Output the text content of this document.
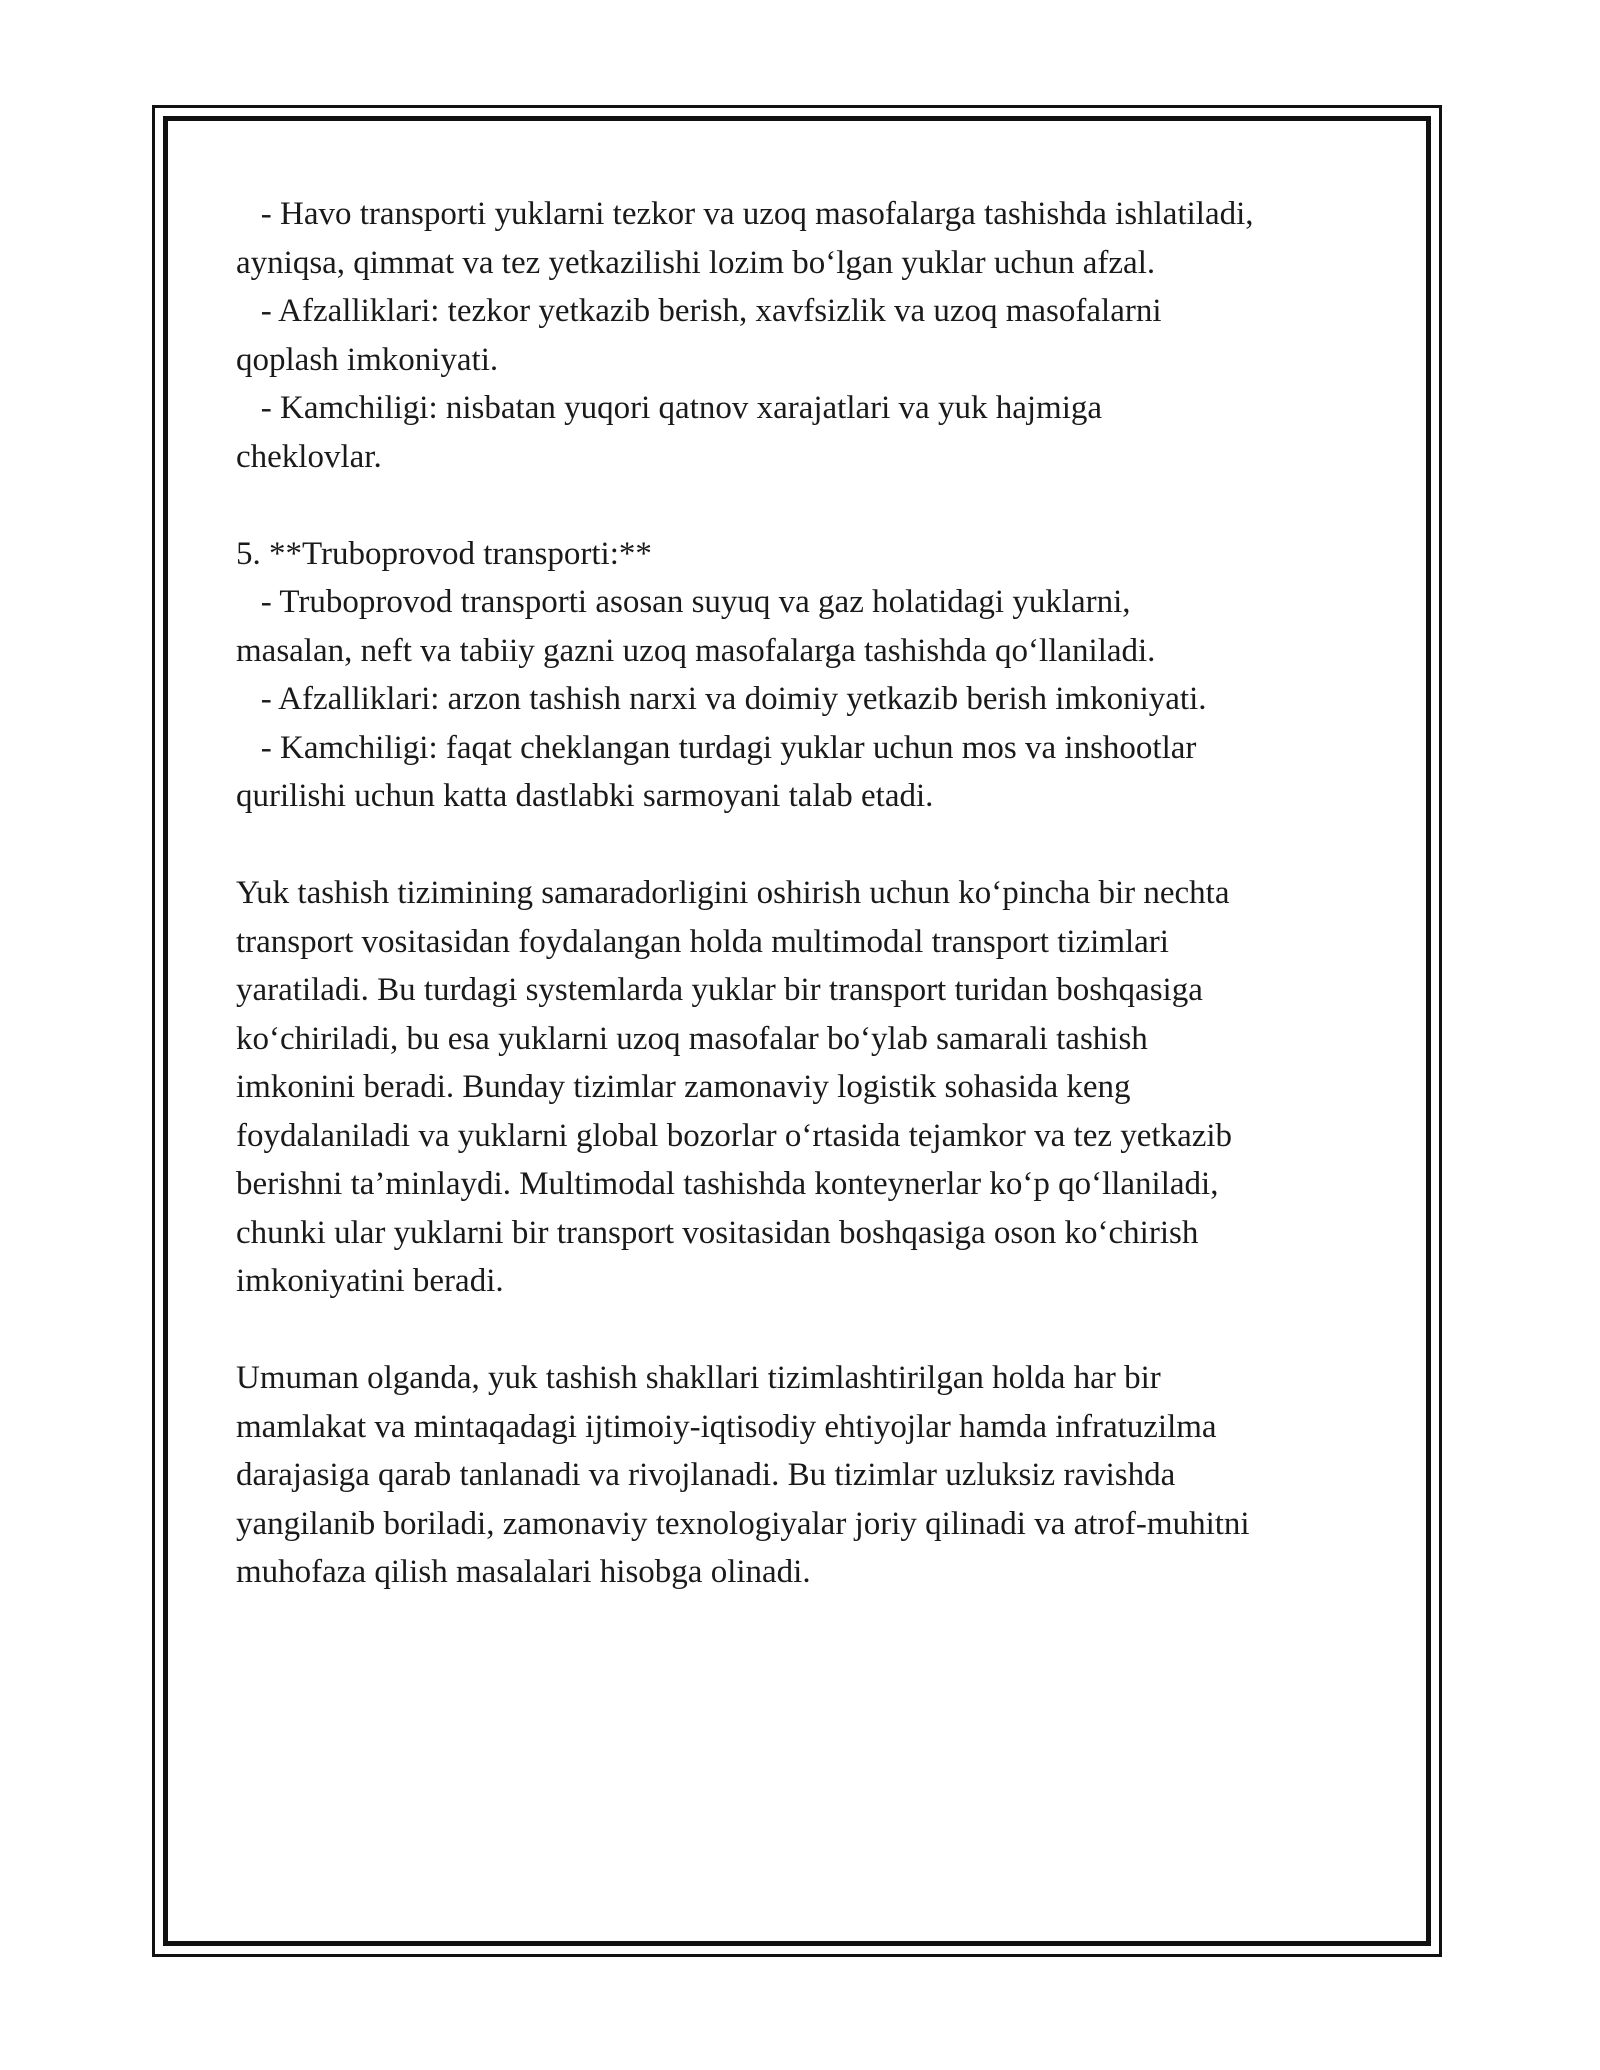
- Havo transporti yuklarni tezkor va uzoq masofalarga tashishda ishlatiladi,
ayniqsa, qimmat va tez yetkazilishi lozim bo‘lgan yuklar uchun afzal.
- Afzalliklari: tezkor yetkazib berish, xavfsizlik va uzoq masofalarni
qoplash imkoniyati.
- Kamchiligi: nisbatan yuqori qatnov xarajatlari va yuk hajmiga
cheklovlar.
5. **Truboprovod transporti:**
- Truboprovod transporti asosan suyuq va gaz holatidagi yuklarni,
masalan, neft va tabiiy gazni uzoq masofalarga tashishda qo‘llaniladi.
- Afzalliklari: arzon tashish narxi va doimiy yetkazib berish imkoniyati.
- Kamchiligi: faqat cheklangan turdagi yuklar uchun mos va inshootlar
qurilishi uchun katta dastlabki sarmoyani talab etadi.
Yuk tashish tizimining samaradorligini oshirish uchun ko‘pincha bir nechta
transport vositasidan foydalangan holda multimodal transport tizimlari
yaratiladi. Bu turdagi systemlarda yuklar bir transport turidan boshqasiga
ko‘chiriladi, bu esa yuklarni uzoq masofalar bo‘ylab samarali tashish
imkonini beradi. Bunday tizimlar zamonaviy logistik sohasida keng
foydalaniladi va yuklarni global bozorlar o‘rtasida tejamkor va tez yetkazib
berishni ta’minlaydi. Multimodal tashishda konteynerlar ko‘p qo‘llaniladi,
chunki ular yuklarni bir transport vositasidan boshqasiga oson ko‘chirish
imkoniyatini beradi.
Umuman olganda, yuk tashish shakllari tizimlashtirilgan holda har bir
mamlakat va mintaqadagi ijtimoiy-iqtisodiy ehtiyojlar hamda infratuzilma
darajasiga qarab tanlanadi va rivojlanadi. Bu tizimlar uzluksiz ravishda
yangilanib boriladi, zamonaviy texnologiyalar joriy qilinadi va atrof-muhitni
muhofaza qilish masalalari hisobga olinadi.
